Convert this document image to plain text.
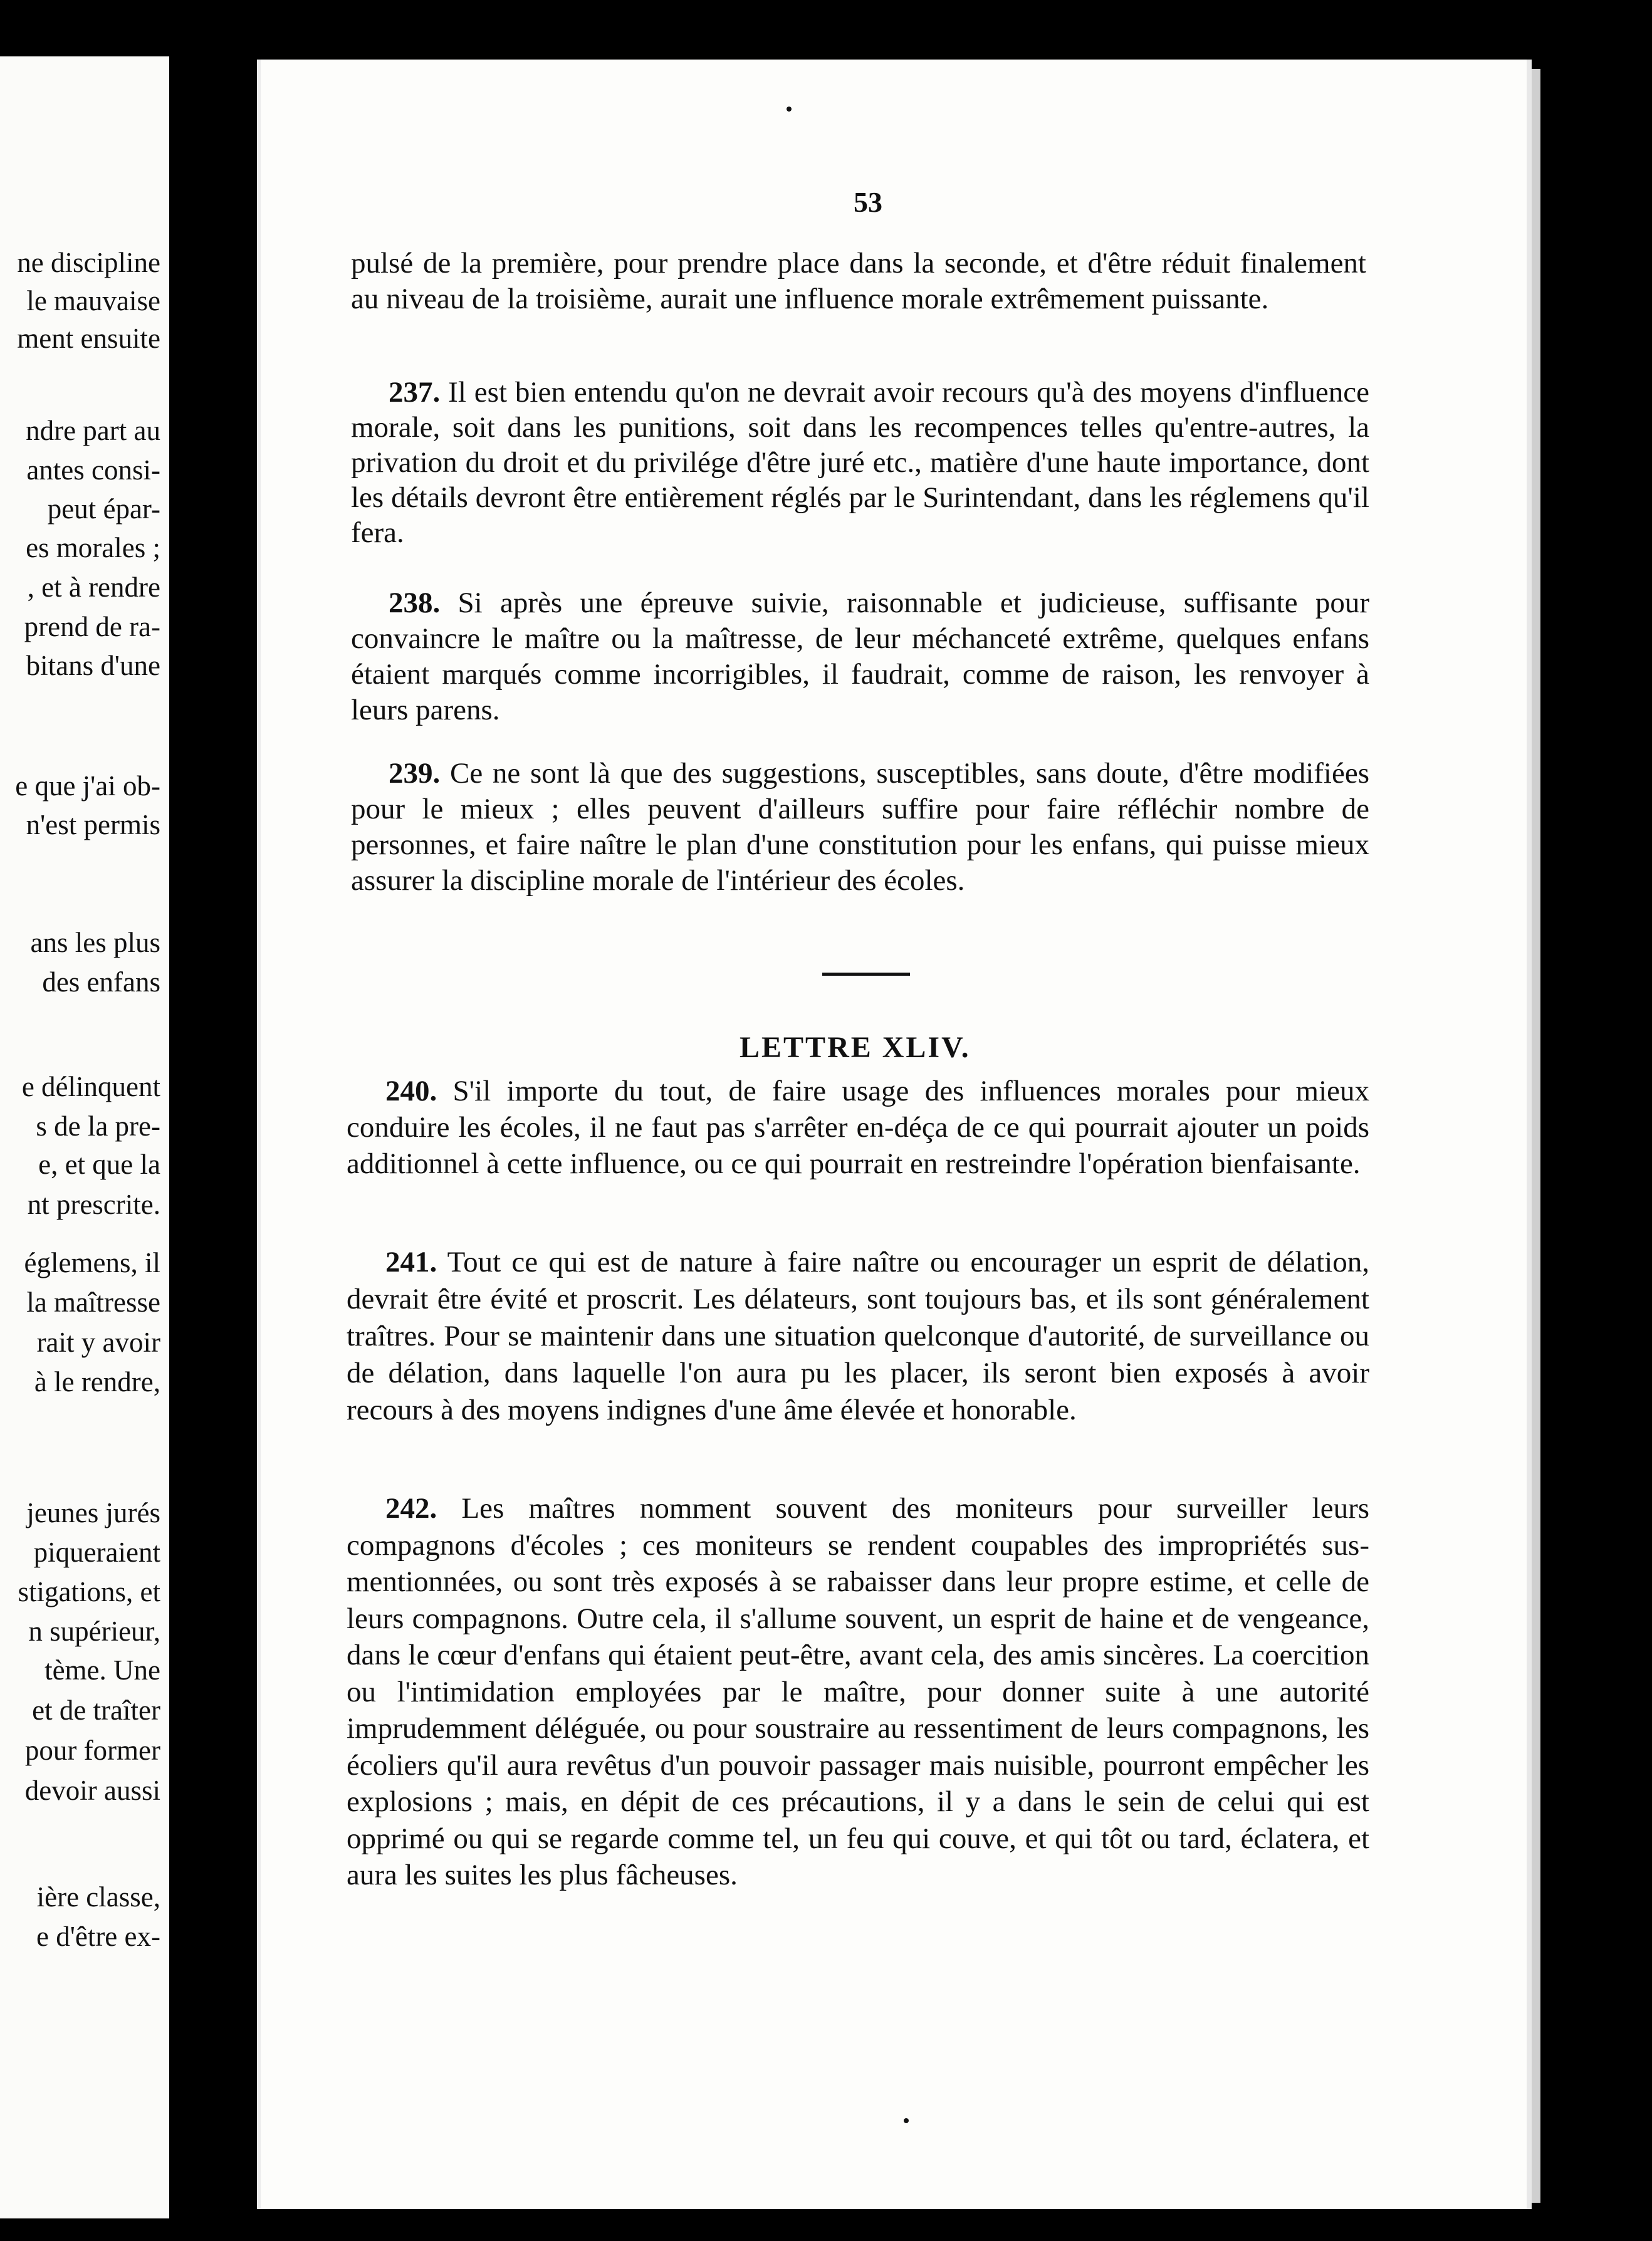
ne discipline
le mauvaise
ment ensuite
ndre part au
antes consi-
peut épar-
es morales ;
, et à rendre
prend de ra-
bitans d'une
e que j'ai ob-
n'est permis
ans les plus
des enfans
e délinquent
s de la pre-
e, et que la
nt prescrite.
églemens, il
la maîtresse
rait y avoir
à le rendre,
jeunes jurés
piqueraient
stigations, et
n supérieur,
tème. Une
et de traîter
pour former
devoir aussi
ière classe,
e d'être ex-
53

pulsé de la première, pour prendre place dans la seconde, et d'être réduit finalement au niveau de la troisième, aurait une influence morale extrêmement puissante.

237. Il est bien entendu qu'on ne devrait avoir recours qu'à des moyens d'influence morale, soit dans les punitions, soit dans les recompences telles qu'entre-autres, la privation du droit et du privilége d'être juré etc., matière d'une haute importance, dont les détails devront être entièrement réglés par le Surintendant, dans les réglemens qu'il fera.

238. Si après une épreuve suivie, raisonnable et judicieuse, suffisante pour convaincre le maître ou la maîtresse, de leur méchanceté extrême, quelques enfans étaient marqués comme incorrigibles, il faudrait, comme de raison, les renvoyer à leurs parens.

239. Ce ne sont là que des suggestions, susceptibles, sans doute, d'être modifiées pour le mieux ; elles peuvent d'ailleurs suffire pour faire réfléchir nombre de personnes, et faire naître le plan d'une constitution pour les enfans, qui puisse mieux assurer la discipline morale de l'intérieur des écoles.

LETTRE XLIV.

240. S'il importe du tout, de faire usage des influences morales pour mieux conduire les écoles, il ne faut pas s'arrêter en-déça de ce qui pourrait ajouter un poids additionnel à cette influence, ou ce qui pourrait en restreindre l'opération bienfaisante.

241. Tout ce qui est de nature à faire naître ou encourager un esprit de délation, devrait être évité et proscrit. Les délateurs, sont toujours bas, et ils sont généralement traîtres. Pour se maintenir dans une situation quelconque d'autorité, de surveillance ou de délation, dans laquelle l'on aura pu les placer, ils seront bien exposés à avoir recours à des moyens indignes d'une âme élevée et honorable.

242. Les maîtres nomment souvent des moniteurs pour surveiller leurs compagnons d'écoles ; ces moniteurs se rendent coupables des impropriétés sus-mentionnées, ou sont très exposés à se rabaisser dans leur propre estime, et celle de leurs compagnons. Outre cela, il s'allume souvent, un esprit de haine et de vengeance, dans le cœur d'enfans qui étaient peut-être, avant cela, des amis sincères. La coercition ou l'intimidation employées par le maître, pour donner suite à une autorité imprudemment déléguée, ou pour soustraire au ressentiment de leurs compagnons, les écoliers qu'il aura revêtus d'un pouvoir passager mais nuisible, pourront empêcher les explosions ; mais, en dépit de ces précautions, il y a dans le sein de celui qui est opprimé ou qui se regarde comme tel, un feu qui couve, et qui tôt ou tard, éclatera, et aura les suites les plus fâcheuses.
